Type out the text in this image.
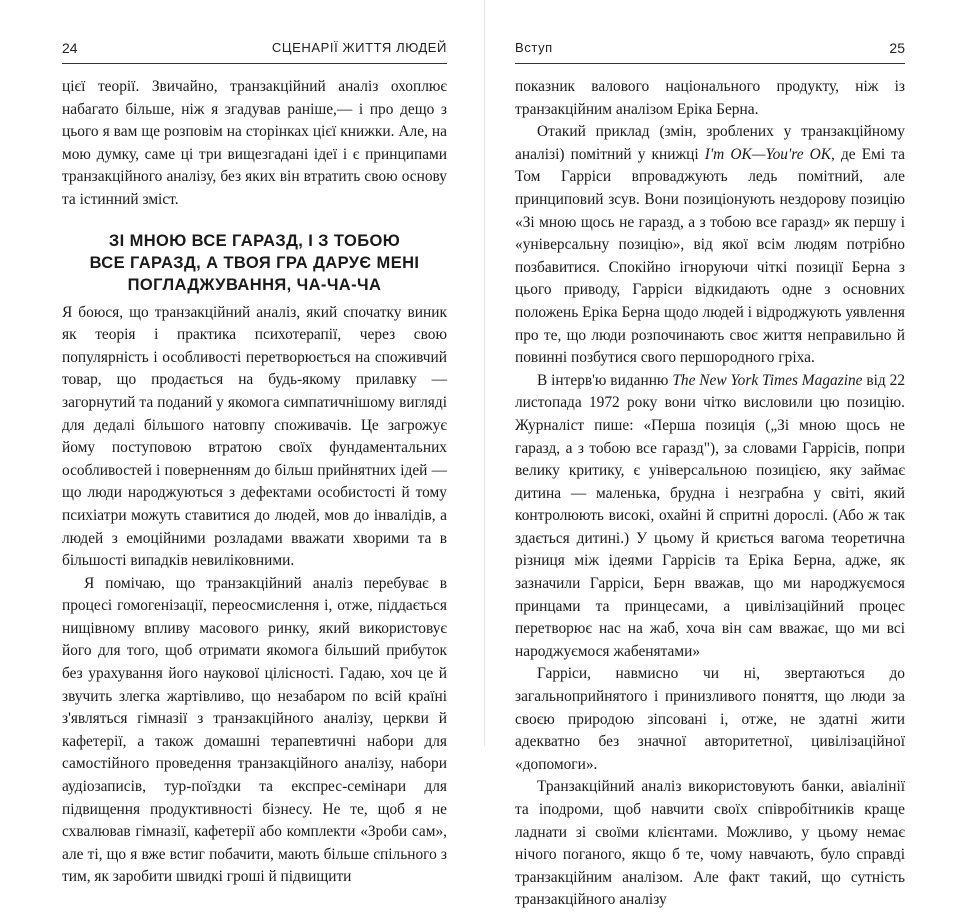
24	СЦЕНАРІЇ ЖИТТЯ ЛЮДЕЙ

цієї теорії. Звичайно, транзакційний аналіз охоплює набагато більше, ніж я згадував раніше,— і про дещо з цього я вам ще розповім на сторінках цієї книжки. Але, на мою думку, саме ці три вищезгадані ідеї і є принципами транзакційного аналізу, без яких він втратить свою основу та істинний зміст.

ЗІ МНОЮ ВСЕ ГАРАЗД, І З ТОБОЮ
ВСЕ ГАРАЗД, А ТВОЯ ГРА ДАРУЄ МЕНІ
ПОГЛАДЖУВАННЯ, ЧА-ЧА-ЧА

Я боюся, що транзакційний аналіз, який спочатку виник як теорія і практика психотерапії, через свою популярність і особливості перетворюється на споживчий товар, що продається на будь-якому прилавку — загорнутий та поданий у якомога симпатичнішому вигляді для дедалі більшого натовпу споживачів. Це загрожує йому поступовою втратою своїх фундаментальних особливостей і поверненням до більш прийнятних ідей — що люди народжуються з дефектами особистості й тому психіатри можуть ставитися до людей, мов до інвалідів, а людей з емоційними розладами вважати хворими та в більшості випадків невиліковними.

Я помічаю, що транзакційний аналіз перебуває в процесі гомогенізації, переосмислення і, отже, піддається нищівному впливу масового ринку, який використовує його для того, щоб отримати якомога більший прибуток без урахування його наукової цілісності. Гадаю, хоч це й звучить злегка жартівливо, що незабаром по всій країні з'являться гімназії з транзакційного аналізу, церкви й кафетерії, а також домашні терапевтичні набори для самостійного проведення транзакційного аналізу, набори аудіозаписів, тур-поїздки та експрес-семінари для підвищення продуктивності бізнесу. Не те, щоб я не схвалював гімназії, кафетерії або комплекти «Зроби сам», але ті, що я вже встиг побачити, мають більше спільного з тим, як заробити швидкі гроші й підвищити

Вступ	25

показник валового національного продукту, ніж із транзакційним аналізом Еріка Берна.

Отакий приклад (змін, зроблених у транзакційному аналізі) помітний у книжці I'm OK—You're OK, де Емі та Том Гарріси впроваджують ледь помітний, але принциповий зсув. Вони позиціонують нездорову позицію «Зі мною щось не гаразд, а з тобою все гаразд» як першу і «універсальну позицію», від якої всім людям потрібно позбавитися. Спокійно ігноруючи чіткі позиції Берна з цього приводу, Гарріси відкидають одне з основних положень Еріка Берна щодо людей і відроджують уявлення про те, що люди розпочинають своє життя неправильно й повинні позбутися свого першородного гріха.

В інтерв'ю виданню The New York Times Magazine від 22 листопада 1972 року вони чітко висловили цю позицію. Журналіст пише: «Перша позиція („Зі мною щось не гаразд, а з тобою все гаразд"), за словами Гаррісів, попри велику критику, є універсальною позицією, яку займає дитина — маленька, брудна і незграбна у світі, який контролюють високі, охайні й спритні дорослі. (Або ж так здається дитині.) У цьому й криється вагома теоретична різниця між ідеями Гаррісів та Еріка Берна, адже, як зазначили Гарріси, Берн вважав, що ми народжуємося принцами та принцесами, а цивілізаційний процес перетворює нас на жаб, хоча він сам вважає, що ми всі народжуємося жабенятами»

Гарріси, навмисно чи ні, звертаються до загальноприйнятого і принизливого поняття, що люди за своєю природою зіпсовані і, отже, не здатні жити адекватно без значної авторитетної, цивілізаційної «допомоги».

Транзакційний аналіз використовують банки, авіалінії та іподроми, щоб навчити своїх співробітників краще ладнати зі своїми клієнтами. Можливо, у цьому немає нічого поганого, якщо б те, чому навчають, було справді транзакційним аналізом. Але факт такий, що сутність транзакційного аналізу
